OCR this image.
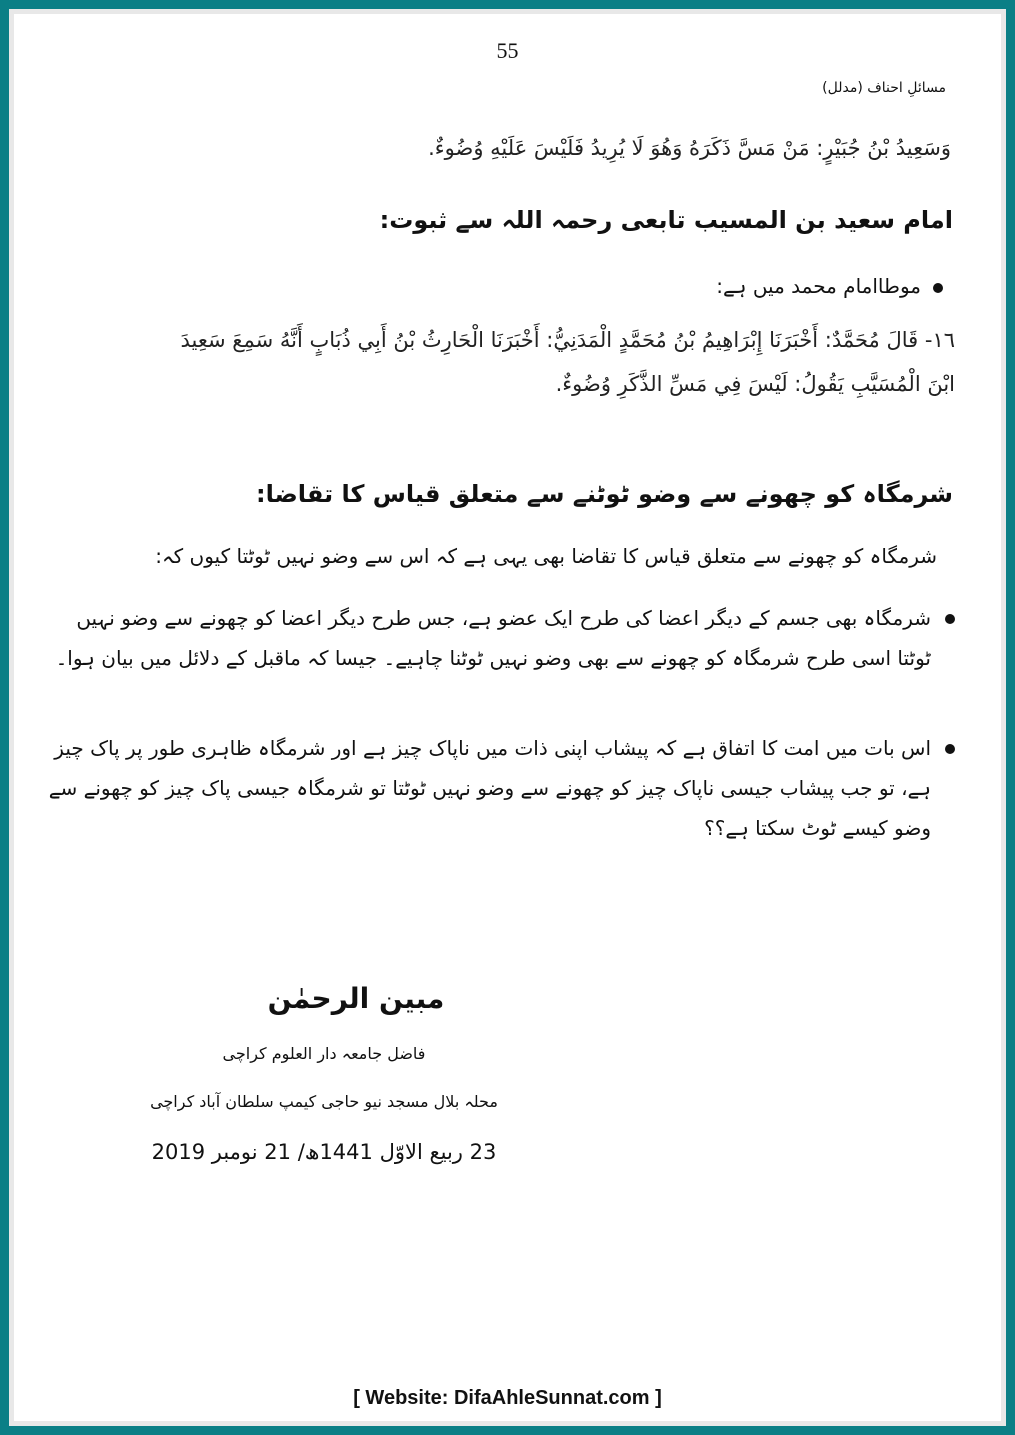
55
مسائلِ احناف (مدلل)
وَسَعِيدُ بْنُ جُبَيْرٍ: مَنْ مَسَّ ذَكَرَهُ وَهُوَ لَا يُرِيدُ فَلَيْسَ عَلَيْهِ وُضُوءٌ.
امام سعید بن المسیب تابعی رحمہ اللہ سے ثبوت:
موطاامام محمد میں ہے:
١٦- قَالَ مُحَمَّدٌ: أَخْبَرَنَا إِبْرَاهِيمُ بْنُ مُحَمَّدٍ الْمَدَنِيُّ: أَخْبَرَنَا الْحَارِثُ بْنُ أَبِي ذُبَابٍ أَنَّهُ سَمِعَ سَعِيدَ
ابْنَ الْمُسَيَّبِ يَقُولُ: لَيْسَ فِي مَسِّ الذَّكَرِ وُضُوءٌ.
شرمگاہ کو چھونے سے وضو ٹوٹنے سے متعلق قیاس کا تقاضا:
شرمگاہ کو چھونے سے متعلق قیاس کا تقاضا بھی یہی ہے کہ اس سے وضو نہیں ٹوٹتا کیوں کہ:
شرمگاہ بھی جسم کے دیگر اعضا کی طرح ایک عضو ہے، جس طرح دیگر اعضا کو چھونے سے وضو نہیں
ٹوٹتا اسی طرح شرمگاہ کو چھونے سے بھی وضو نہیں ٹوٹنا چاہیے۔ جیسا کہ ماقبل کے دلائل میں بیان ہوا۔
اس بات میں امت کا اتفاق ہے کہ پیشاب اپنی ذات میں ناپاک چیز ہے اور شرمگاہ ظاہری طور پر پاک چیز
ہے، تو جب پیشاب جیسی ناپاک چیز کو چھونے سے وضو نہیں ٹوٹتا تو شرمگاہ جیسی پاک چیز کو چھونے سے
وضو کیسے ٹوٹ سکتا ہے؟؟
مبین الرحمٰن
فاضل جامعہ دار العلوم کراچی
محلہ بلال مسجد نیو حاجی کیمپ سلطان آباد کراچی
23 ربیع الاوّل 1441ھ/ 21 نومبر 2019
[ Website: DifaAhleSunnat.com ]
